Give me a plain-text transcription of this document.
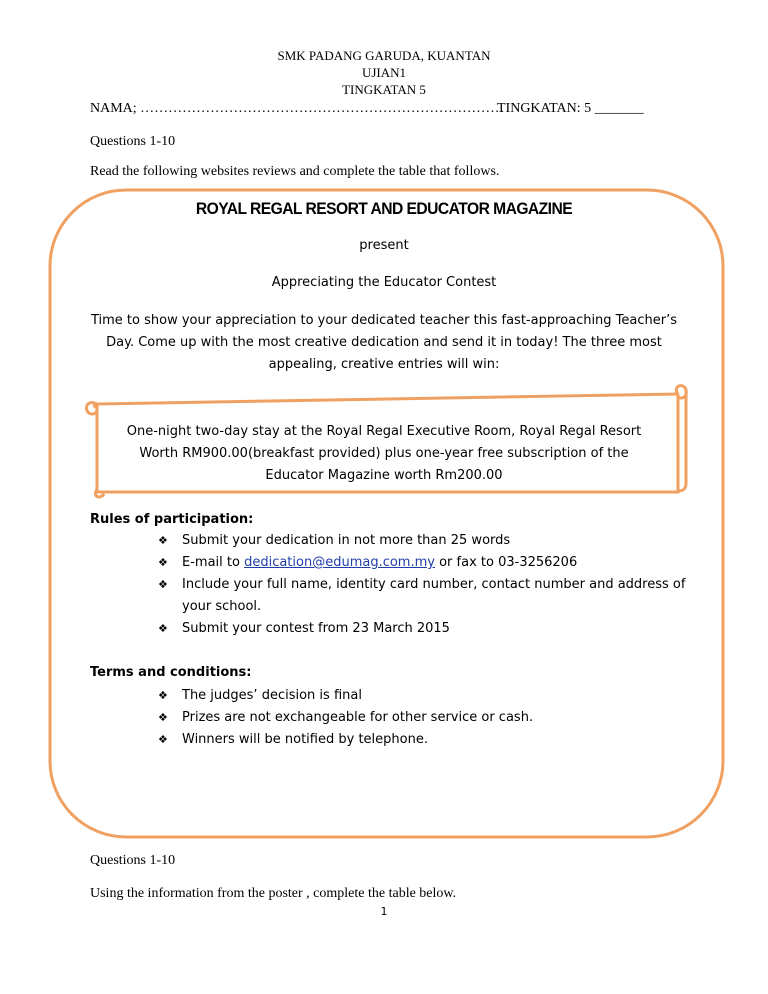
SMK PADANG GARUDA, KUANTAN
UJIAN1
TINGKATAN 5
NAMA; ……………………………………………………………………
TINGKATAN: 5 _______
Questions 1-10
Read the following websites reviews and complete the table that follows.
ROYAL REGAL RESORT AND EDUCATOR MAGAZINE
present
Appreciating the Educator Contest
Time to show your appreciation to your dedicated teacher this fast-approaching Teacher’s
Day. Come up with the most creative dedication and send it in today! The three most
appealing, creative entries will win:
One-night two-day stay at the Royal Regal Executive Room, Royal Regal Resort
Worth RM900.00(breakfast provided) plus one-year free subscription of the
Educator Magazine worth Rm200.00
Rules of participation:
❖ Submit your dedication in not more than 25 words
❖ E-mail to dedication@edumag.com.my or fax to 03-3256206
❖ Include your full name, identity card number, contact number and address of
your school.
❖ Submit your contest from 23 March 2015
Terms and conditions:
❖ The judges’ decision is final
❖ Prizes are not exchangeable for other service or cash.
❖ Winners will be notified by telephone.
Questions 1-10
Using the information from the poster , complete the table below.
1
